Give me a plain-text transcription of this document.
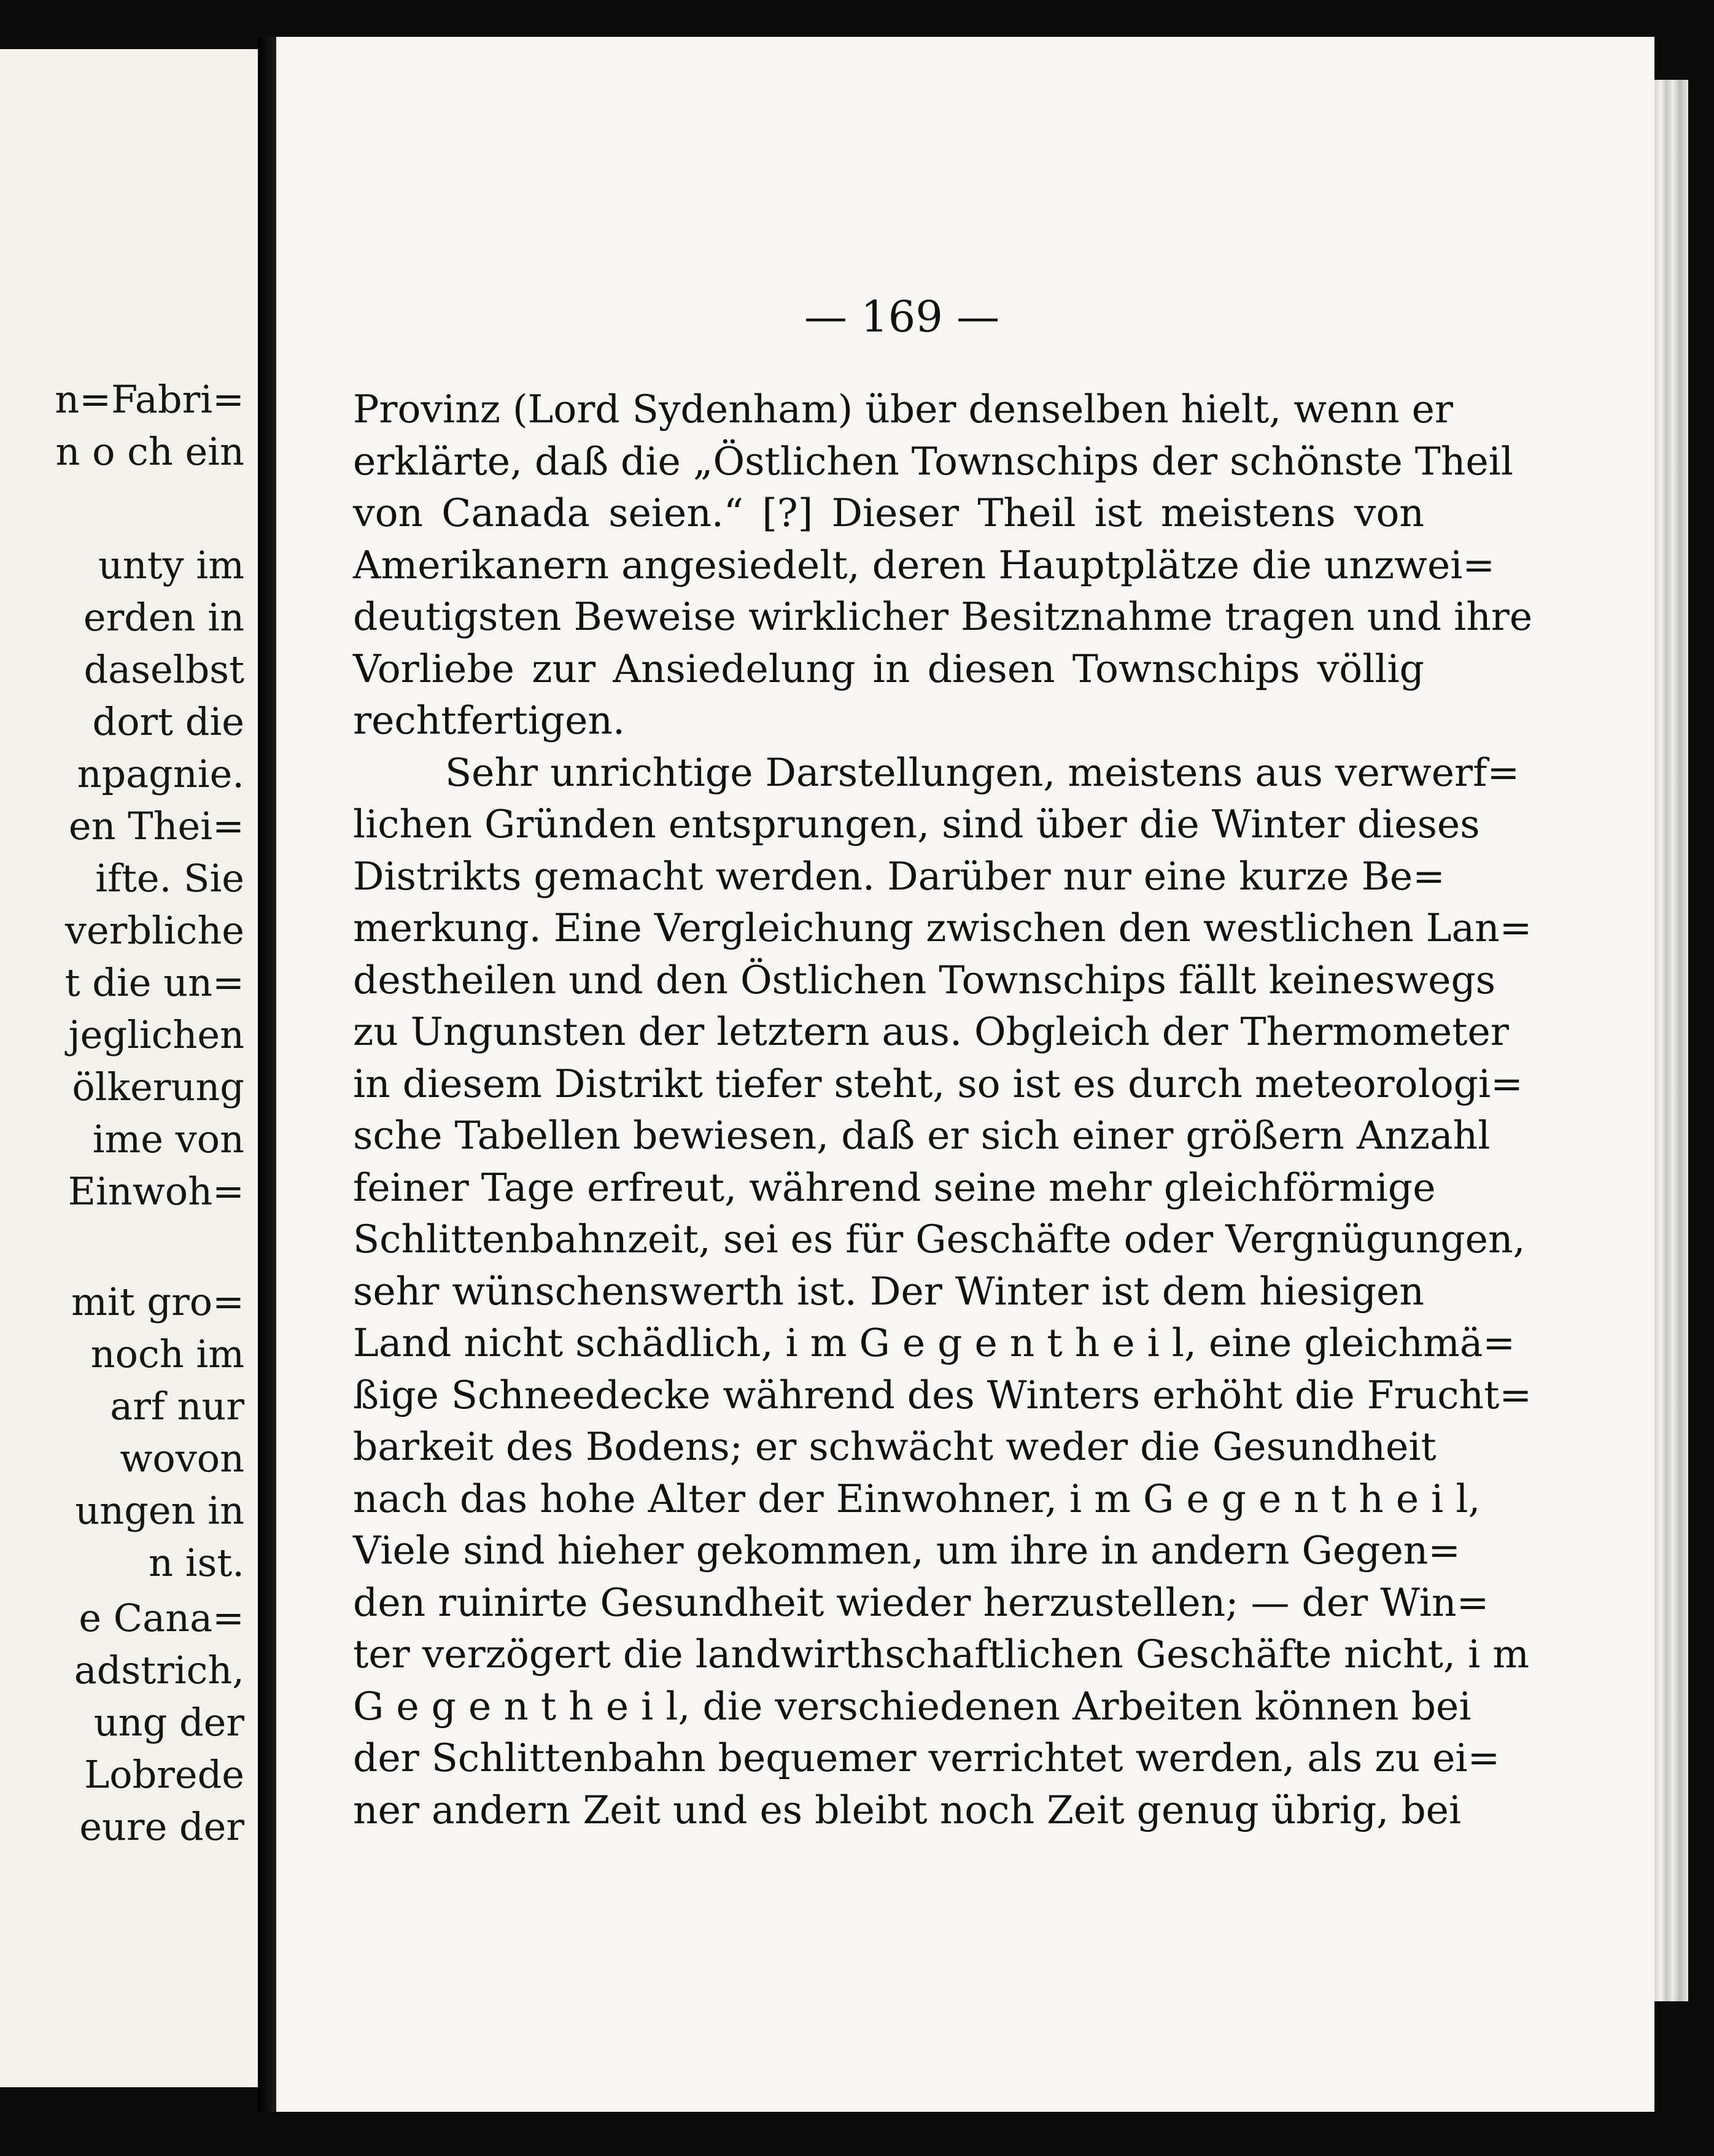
n=Fabri=
n o ch ein
unty im
erden in
daselbst
dort die
npagnie.
en Thei=
ifte. Sie
verbliche
t die un=
jeglichen
ölkerung
ime von
Einwoh=
mit gro=
noch im
arf nur
wovon
ungen in
n ist.
e Cana=
adstrich,
ung der
Lobrede
eure der
— 169 —
Provinz (Lord Sydenham) über denselben hielt, wenn er
erklärte, daß die „Östlichen Townschips der schönste Theil
von Canada seien.“ [?] Dieser Theil ist meistens von
Amerikanern angesiedelt, deren Hauptplätze die unzwei=
deutigsten Beweise wirklicher Besitznahme tragen und ihre
Vorliebe zur Ansiedelung in diesen Townschips völlig
rechtfertigen.
Sehr unrichtige Darstellungen, meistens aus verwerf=
lichen Gründen entsprungen, sind über die Winter dieses
Distrikts gemacht werden. Darüber nur eine kurze Be=
merkung. Eine Vergleichung zwischen den westlichen Lan=
destheilen und den Östlichen Townschips fällt keineswegs
zu Ungunsten der letztern aus. Obgleich der Thermometer
in diesem Distrikt tiefer steht, so ist es durch meteorologi=
sche Tabellen bewiesen, daß er sich einer größern Anzahl
feiner Tage erfreut, während seine mehr gleichförmige
Schlittenbahnzeit, sei es für Geschäfte oder Vergnügungen,
sehr wünschenswerth ist. Der Winter ist dem hiesigen
Land nicht schädlich, i m G e g e n t h e i l, eine gleichmä=
ßige Schneedecke während des Winters erhöht die Frucht=
barkeit des Bodens; er schwächt weder die Gesundheit
nach das hohe Alter der Einwohner, i m G e g e n t h e i l,
Viele sind hieher gekommen, um ihre in andern Gegen=
den ruinirte Gesundheit wieder herzustellen; — der Win=
ter verzögert die landwirthschaftlichen Geschäfte nicht, i m
G e g e n t h e i l, die verschiedenen Arbeiten können bei
der Schlittenbahn bequemer verrichtet werden, als zu ei=
ner andern Zeit und es bleibt noch Zeit genug übrig, bei
